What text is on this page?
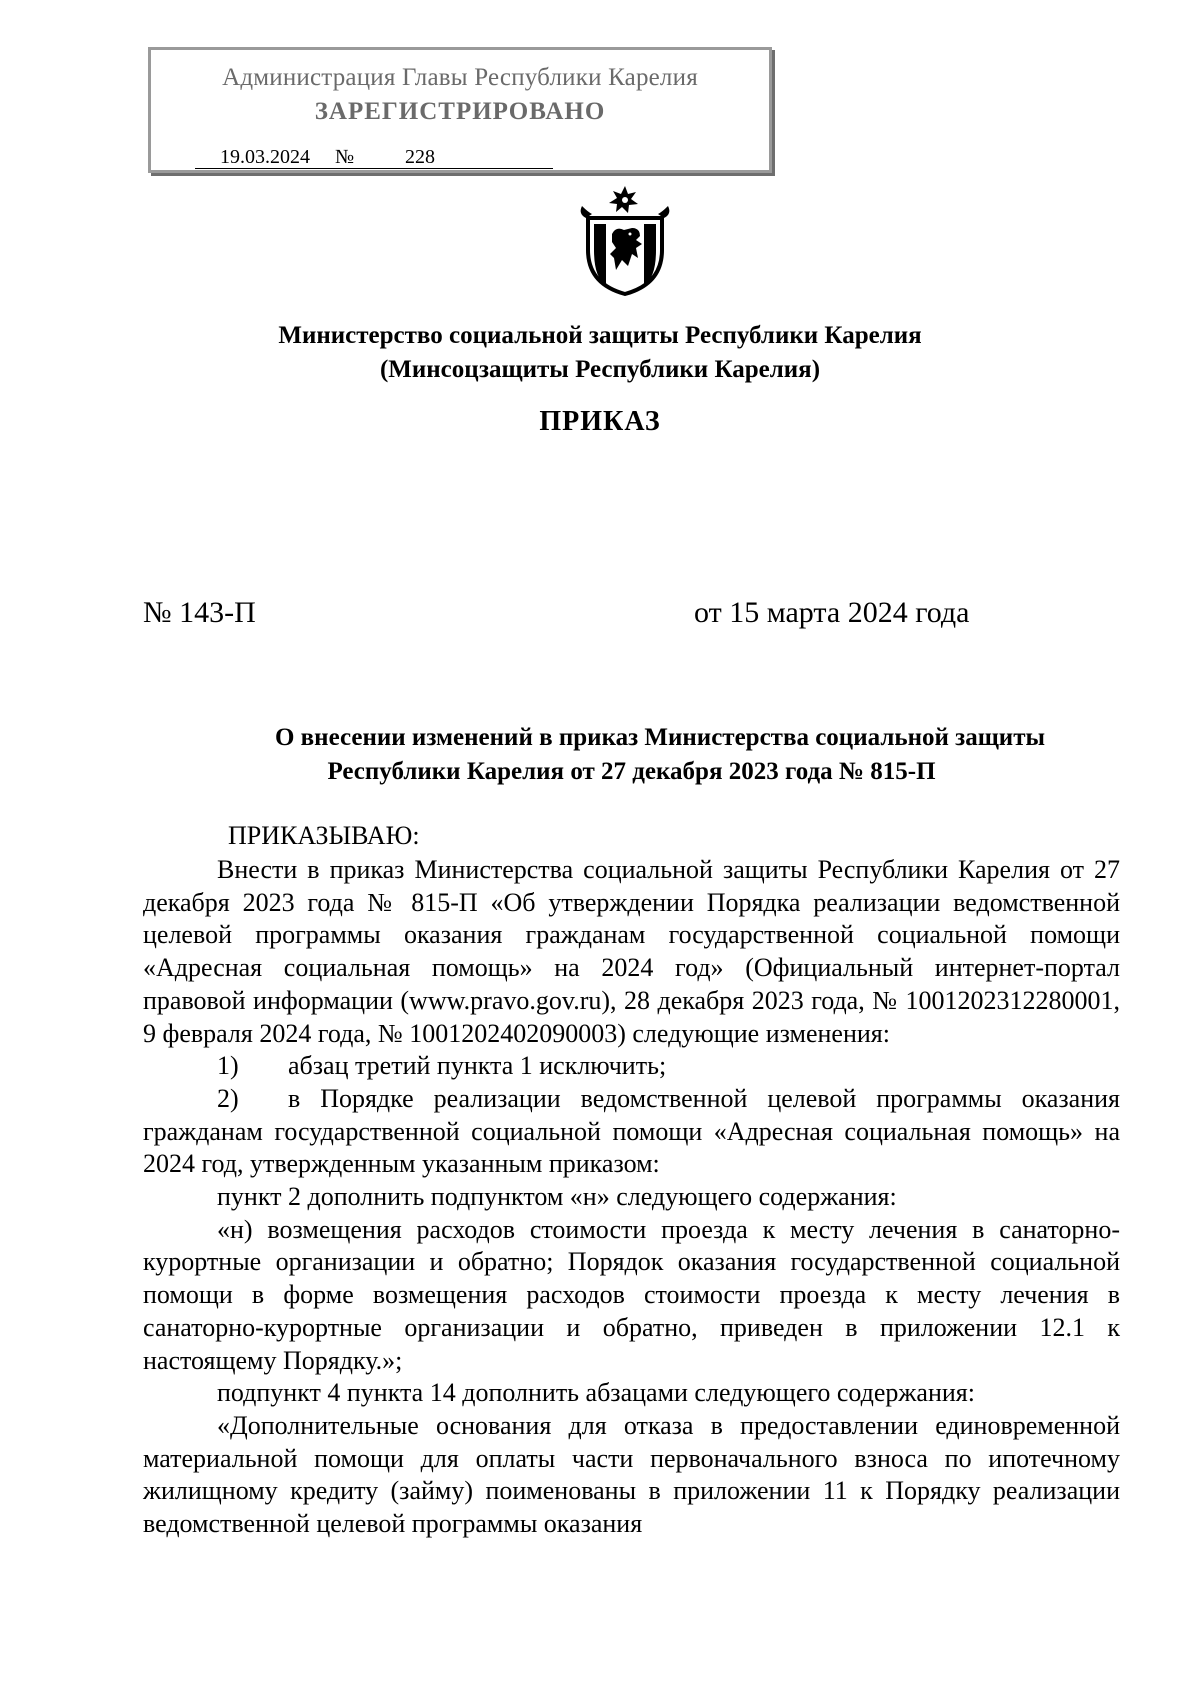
Администрация Главы Республики Карелия
ЗАРЕГИСТРИРОВАНО
19.03.2024	№	228
Министерство социальной защиты Республики Карелия
(Минсоцзащиты Республики Карелия)
ПРИКАЗ
№ 143-П	от 15 марта 2024 года
О внесении изменений в приказ Министерства социальной защиты
Республики Карелия от 27 декабря 2023 года № 815-П
ПРИКАЗЫВАЮ:

Внести в приказ Министерства социальной защиты Республики Карелия от 27 декабря 2023 года № 815-П «Об утверждении Порядка реализации ведомственной целевой программы оказания гражданам государственной социальной помощи «Адресная социальная помощь» на 2024 год» (Официальный интернет-портал правовой информации (www.pravo.gov.ru), 28 декабря 2023 года, № 1001202312280001, 9 февраля 2024 года, № 1001202402090003) следующие изменения:

1) абзац третий пункта 1 исключить;

2)	в Порядке реализации ведомственной целевой программы оказания гражданам государственной социальной помощи «Адресная социальная помощь» на 2024 год, утвержденным указанным приказом:

пункт 2 дополнить подпунктом «н» следующего содержания:

«н) возмещения расходов стоимости проезда к месту лечения в санаторно-курортные организации и обратно; Порядок оказания государственной социальной помощи в форме возмещения расходов стоимости проезда к месту лечения в санаторно-курортные организации и обратно, приведен в приложении 12.1 к настоящему Порядку.»;

подпункт 4 пункта 14 дополнить абзацами следующего содержания:

«Дополнительные основания для отказа в предоставлении единовременной материальной помощи для оплаты части первоначального взноса по ипотечному жилищному кредиту (займу) поименованы в приложении 11 к Порядку реализации ведомственной целевой программы оказания
